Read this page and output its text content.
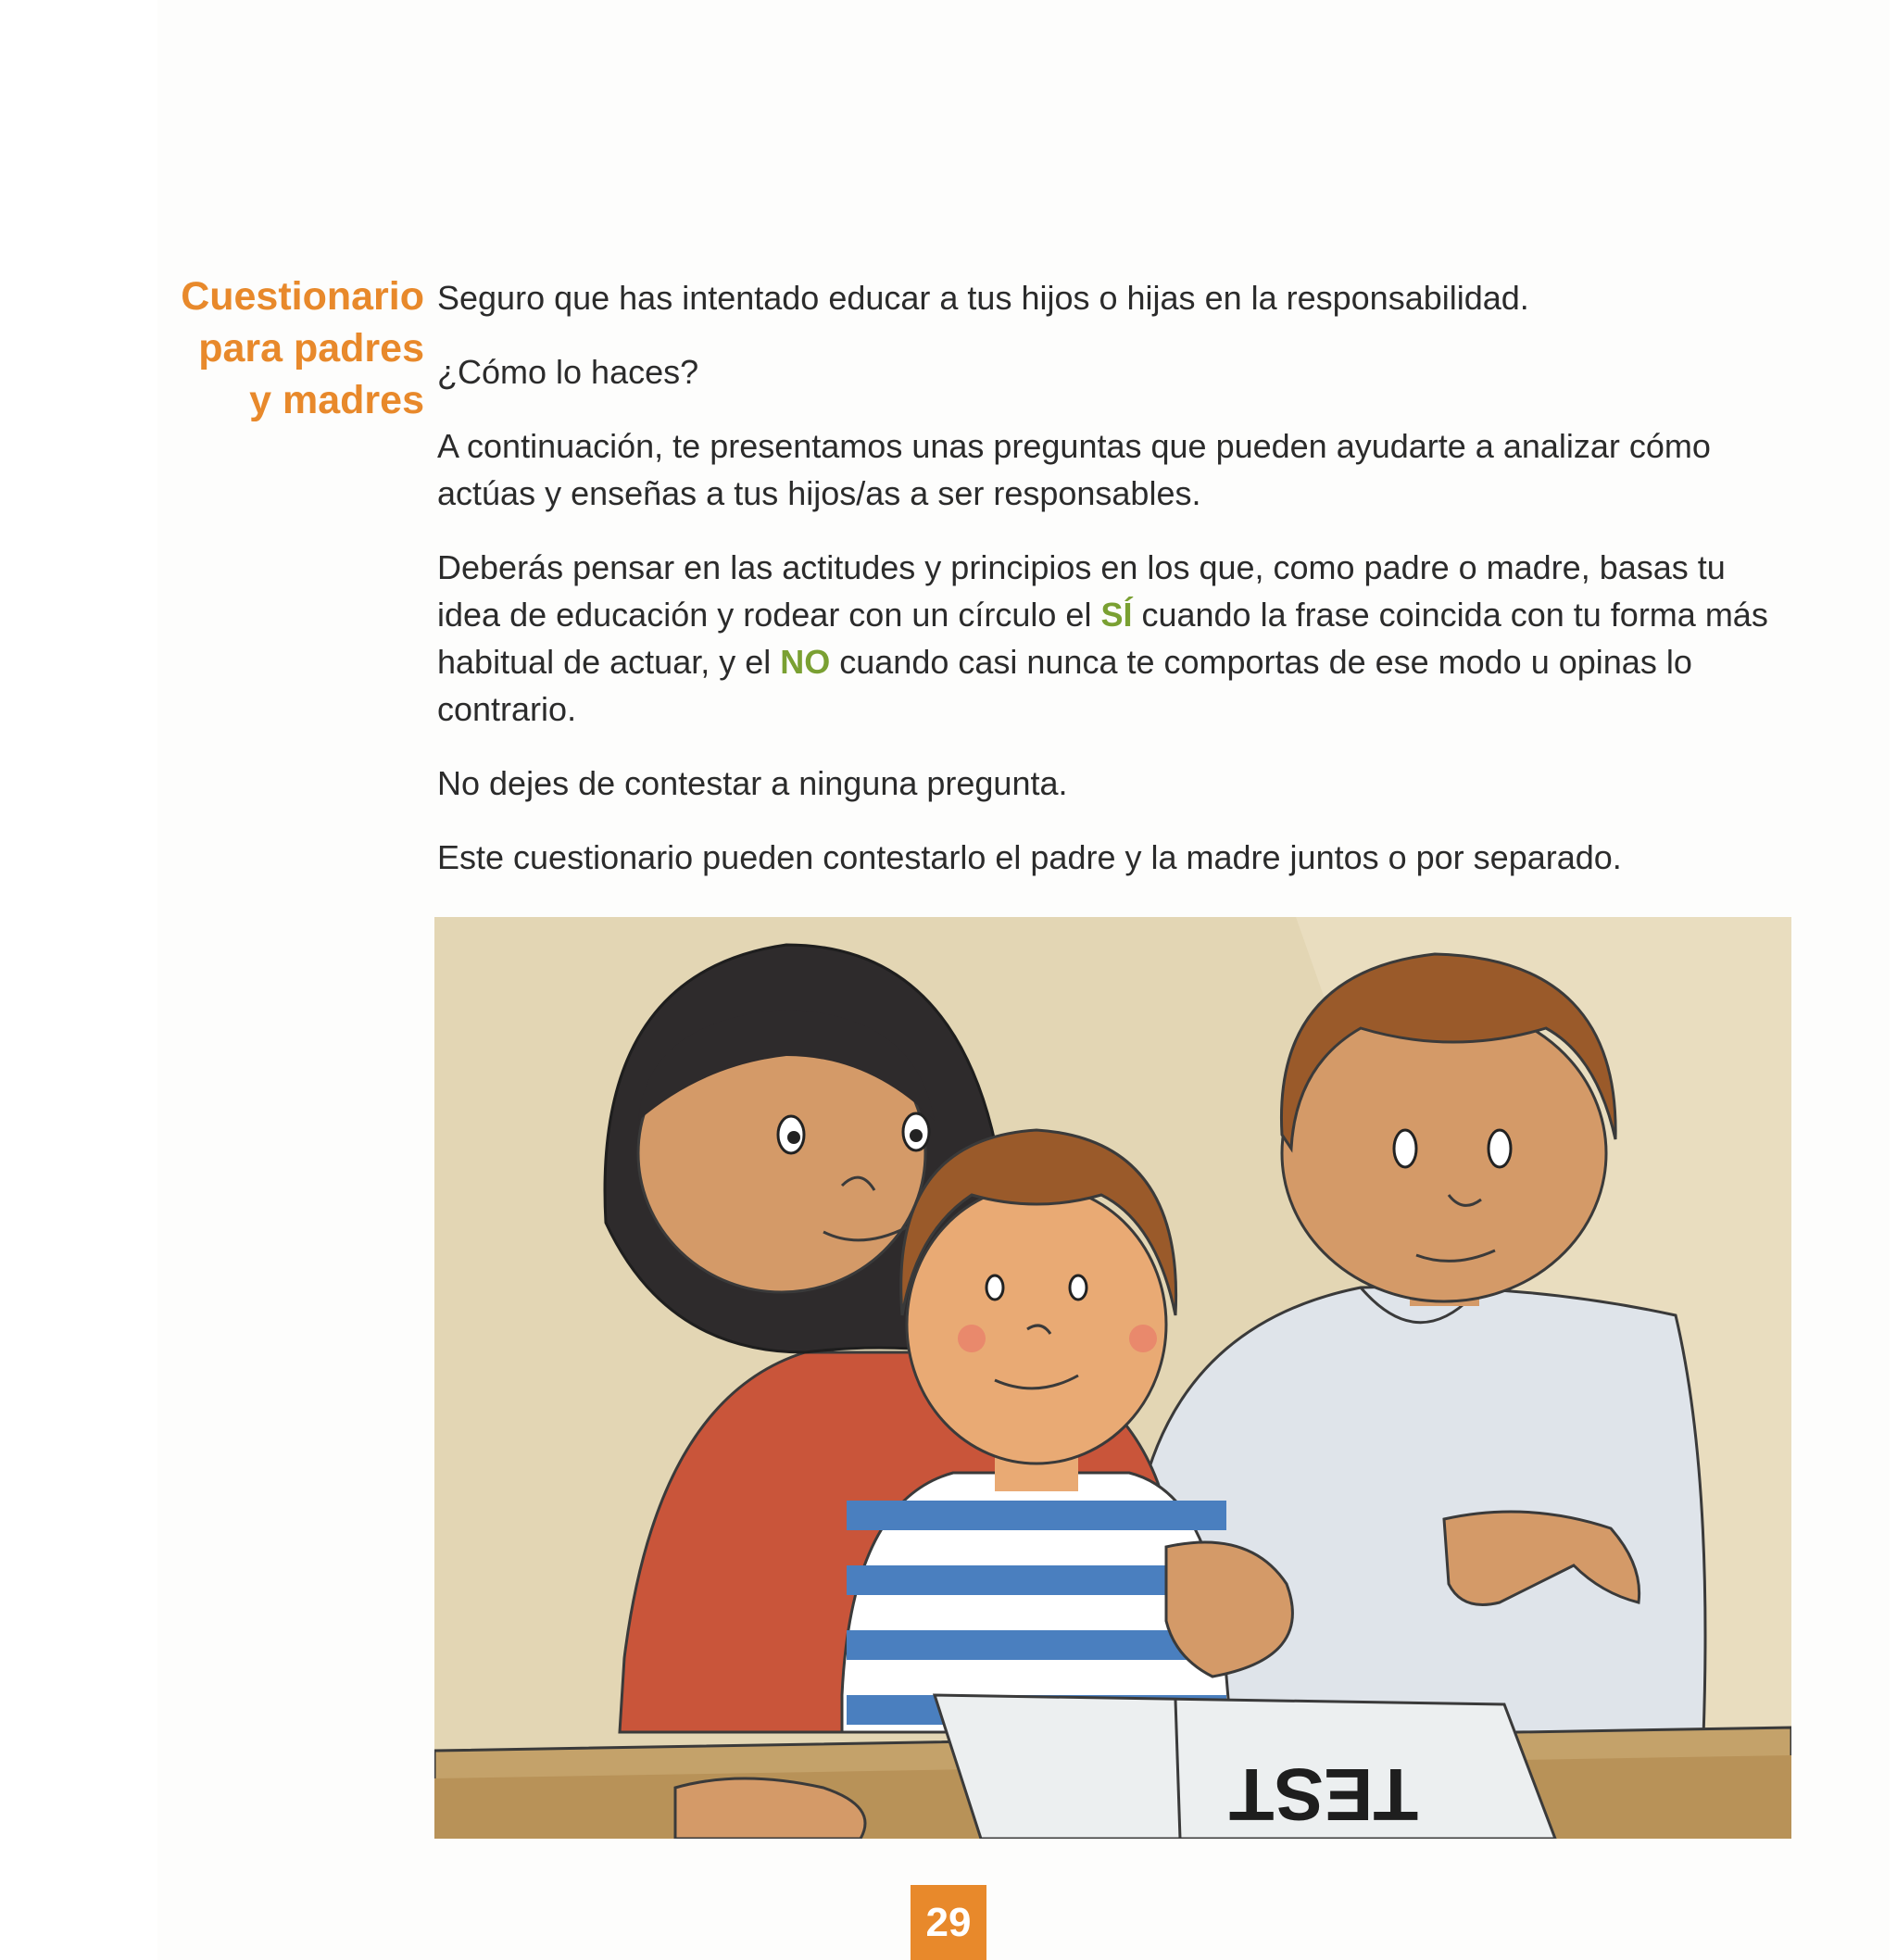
Cuestionario
para padres
y madres

Seguro que has intentado educar a tus hijos o hijas en la responsabilidad.

¿Cómo lo haces?

A continuación, te presentamos unas preguntas que pueden ayudarte a analizar cómo actúas y enseñas a tus hijos/as a ser responsables.

Deberás pensar en las actitudes y principios en los que, como padre o madre, basas tu idea de educación y rodear con un círculo el SÍ cuando la frase coincida con tu forma más habitual de actuar, y el NO cuando casi nunca te comportas de ese modo u opinas lo contrario.

No dejes de contestar a ninguna pregunta.

Este cuestionario pueden contestarlo el padre y la madre juntos o por separado.

TEST
29
